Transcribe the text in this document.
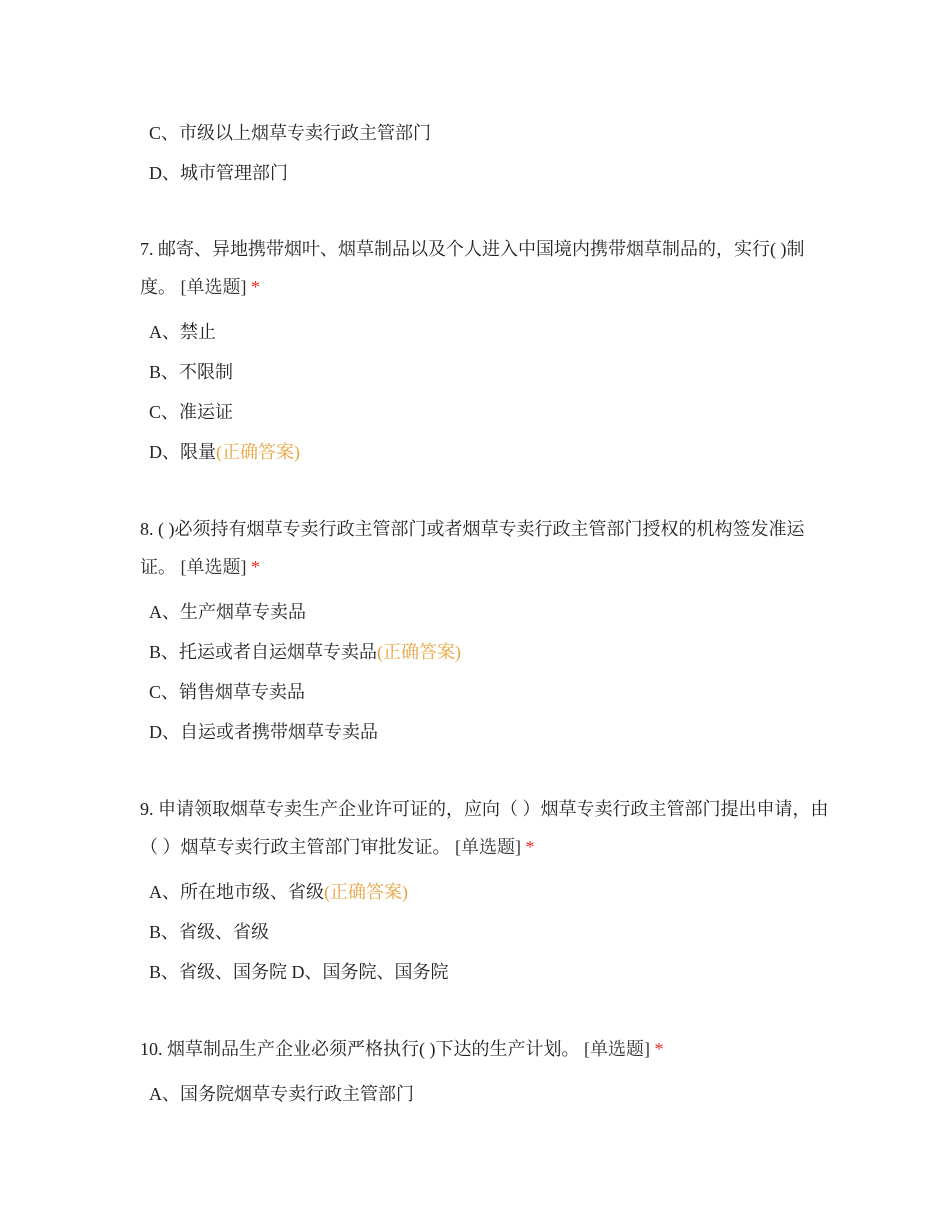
C、市级以上烟草专卖行政主管部门
D、城市管理部门

7. 邮寄、异地携带烟叶、烟草制品以及个人进入中国境内携带烟草制品的，实行( )制度。 [单选题] *

A、禁止
B、不限制
C、准运证
D、限量(正确答案)

8. ( )必须持有烟草专卖行政主管部门或者烟草专卖行政主管部门授权的机构签发准运证。 [单选题] *

A、生产烟草专卖品
B、托运或者自运烟草专卖品(正确答案)
C、销售烟草专卖品
D、自运或者携带烟草专卖品

9. 申请领取烟草专卖生产企业许可证的，应向（ ）烟草专卖行政主管部门提出申请，由（ ）烟草专卖行政主管部门审批发证。 [单选题] *

A、所在地市级、省级(正确答案)
B、省级、省级
B、省级、国务院 D、国务院、国务院

10. 烟草制品生产企业必须严格执行( )下达的生产计划。 [单选题] *

A、国务院烟草专卖行政主管部门
